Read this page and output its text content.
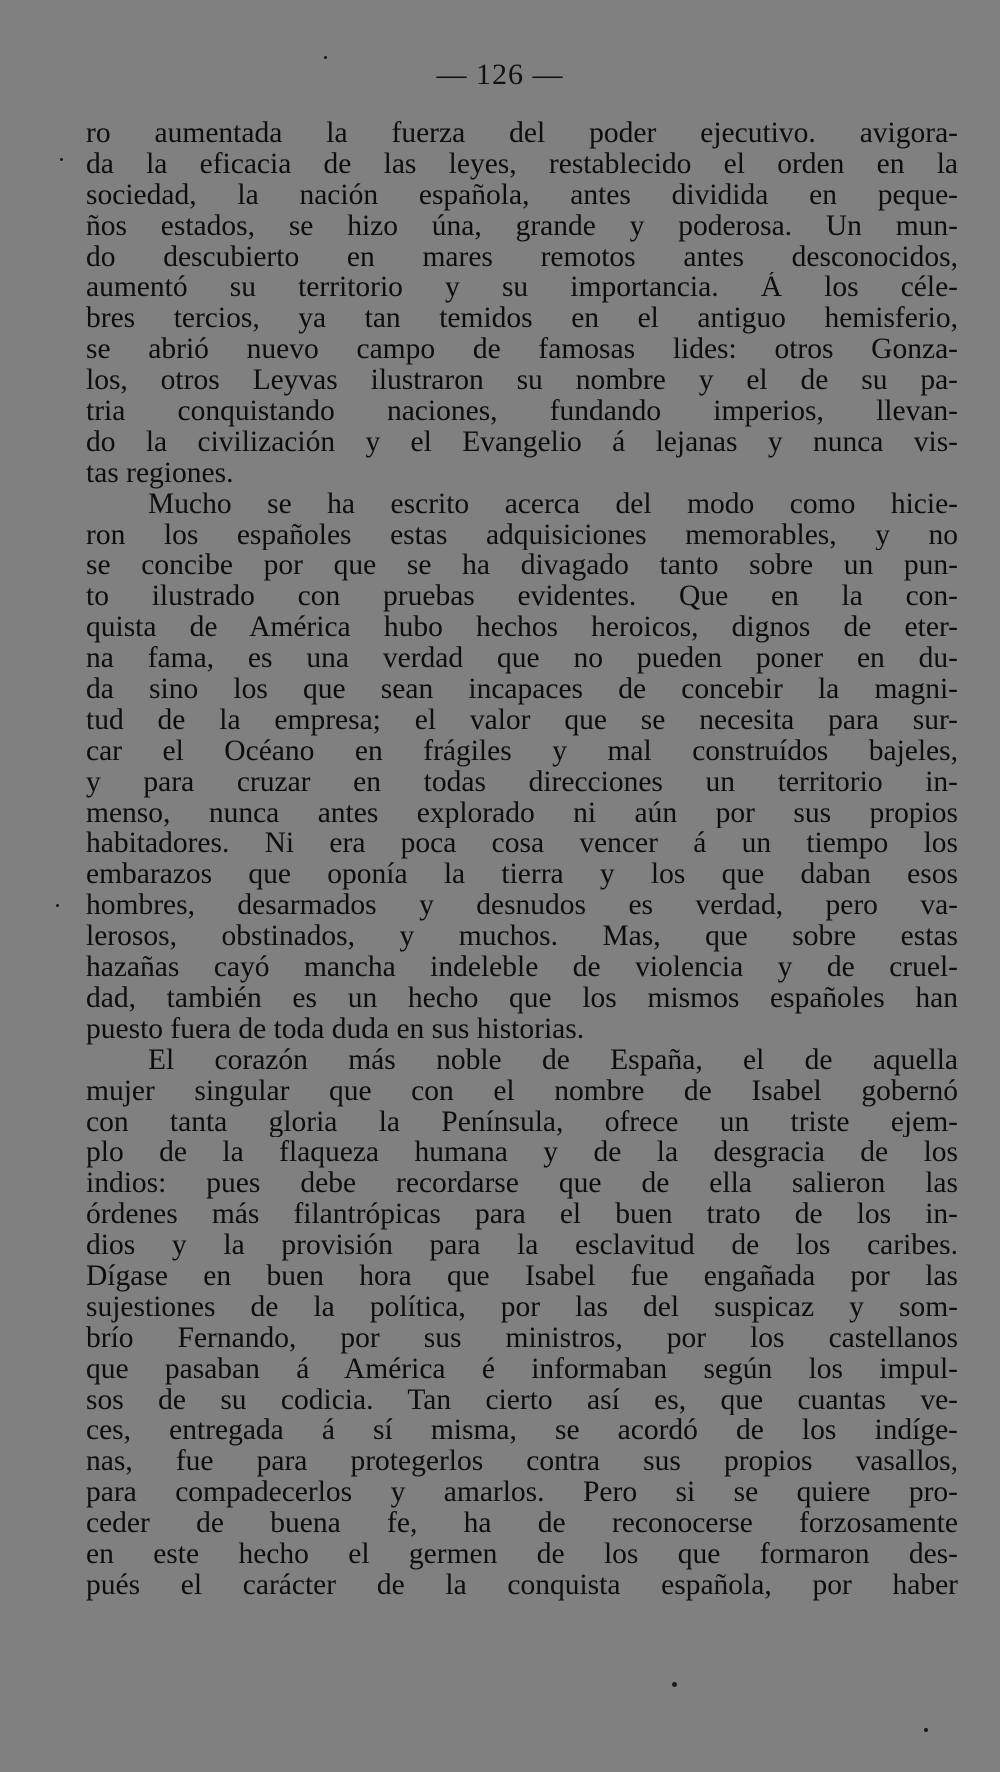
— 126 —
ro aumentada la fuerza del poder ejecutivo. avigora-
da la eficacia de las leyes, restablecido el orden en la
sociedad, la nación española, antes dividida en peque-
ños estados, se hizo úna, grande y poderosa. Un mun-
do descubierto en mares remotos antes desconocidos,
aumentó su territorio y su importancia. Á los céle-
bres tercios, ya tan temidos en el antiguo hemisferio,
se abrió nuevo campo de famosas lides: otros Gonza-
los, otros Leyvas ilustraron su nombre y el de su pa-
tria conquistando naciones, fundando imperios, llevan-
do la civilización y el Evangelio á lejanas y nunca vis-
tas regiones.
Mucho se ha escrito acerca del modo como hicie-
ron los españoles estas adquisiciones memorables, y no
se concibe por que se ha divagado tanto sobre un pun-
to ilustrado con pruebas evidentes. Que en la con-
quista de América hubo hechos heroicos, dignos de eter-
na fama, es una verdad que no pueden poner en du-
da sino los que sean incapaces de concebir la magni-
tud de la empresa; el valor que se necesita para sur-
car el Océano en frágiles y mal construídos bajeles,
y para cruzar en todas direcciones un territorio in-
menso, nunca antes explorado ni aún por sus propios
habitadores. Ni era poca cosa vencer á un tiempo los
embarazos que oponía la tierra y los que daban esos
hombres, desarmados y desnudos es verdad, pero va-
lerosos, obstinados, y muchos. Mas, que sobre estas
hazañas cayó mancha indeleble de violencia y de cruel-
dad, también es un hecho que los mismos españoles han
puesto fuera de toda duda en sus historias.
El corazón más noble de España, el de aquella
mujer singular que con el nombre de Isabel gobernó
con tanta gloria la Península, ofrece un triste ejem-
plo de la flaqueza humana y de la desgracia de los
indios: pues debe recordarse que de ella salieron las
órdenes más filantrópicas para el buen trato de los in-
dios y la provisión para la esclavitud de los caribes.
Dígase en buen hora que Isabel fue engañada por las
sujestiones de la política, por las del suspicaz y som-
brío Fernando, por sus ministros, por los castellanos
que pasaban á América é informaban según los impul-
sos de su codicia. Tan cierto así es, que cuantas ve-
ces, entregada á sí misma, se acordó de los indíge-
nas, fue para protegerlos contra sus propios vasallos,
para compadecerlos y amarlos. Pero si se quiere pro-
ceder de buena fe, ha de reconocerse forzosamente
en este hecho el germen de los que formaron des-
pués el carácter de la conquista española, por haber
